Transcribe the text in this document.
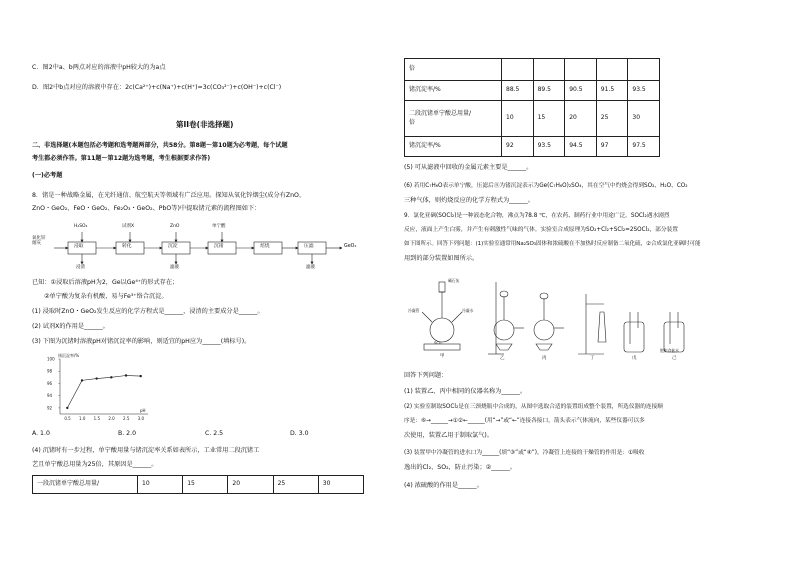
C．图2中a、b两点对应的溶液中pH较大的为a点
D．图2中b点对应的溶液中存在：2c(Ca²⁺)+c(Na⁺)+c(H⁺)=3c(CO₃²⁻)+c(OH⁻)+c(Cl⁻)
第II卷(非选择题)
二、非选择题(本题包括必考题和选考题两部分，共58分。第8题～第10题为必考题，每个试题
考生都必须作答。第11题～第12题为选考题，考生根据要求作答)
(一)必考题
8．锗是一种战略金属，在光纤通信、航空航天等领域有广泛应用。探知从氧化锌烟尘(成分有ZnO、
ZnO・GeO₂、FeO・GeO₂、Fe₂O₃・GeO₂、PbO等)中提取锗元素的流程图如下：
氧化锌
烟灰
浸取	转化	沉淀	沉锗	焙烧	压滤
H₂SO₄	试剂X	ZnO	单宁酸
浸渣	滤液	滤液
GeO₂
已知：①浸取后溶液pH为2，Ge以Ge⁴⁺的形式存在；
②单宁酸为复杂有机酸，易与Fe³⁺络合沉淀。
(1) 浸取时ZnO・GeO₂发生反应的化学方程式是______，浸渣的主要成分是______。
(2) 试剂X的作用是______。
(3) 下图为沉锗时溶液pH对锗沉淀率的影响，则适宜的pH应为______(填标号)。
锗沉淀率/%
pH
92
94
96
98
100
0.5 1.0 1.5 2.0 2.5 3.0
A. 1.0	B. 2.0	C. 2.5	D. 3.0
(4) 沉锗时有一步过程，单宁酸用量与锗沉淀率关系如表所示，工业常用二段沉锗工
艺且单宁酸总用量为25倍，其原因是______。
一段沉锗单宁酸总用量/	10	15	20	25	30
倍					
锗沉淀率/%	88.5	89.5	90.5	91.5	93.5
二段沉锗单宁酸总用量/
倍	10	15	20	25	30
锗沉淀率/%	92	93.5	94.5	97	97.5
(5) 可从滤液中回收的金属元素主要是______。
(6) 若用C₇H₆O表示单宁酸，压滤后Ⓑ为锗沉淀表示为Ge(C₇H₆O)₂SO₄，其在空气中灼烧会得到SO₂、H₂O、CO₂
三种气体，则灼烧反应的化学方程式为______。
9．氯化亚砜(SOCl₂)是一种液态化合物，沸点为78.8 ℃，在农药、制药行业中用途广泛。SOCl₂遇水剧烈
反应，液面上产生白雾，并产生有刺激性气味的气体。实验室合成原理为SO₂+Cl₂+SCl₂=2SOCl₂，部分装置
如下图所示。回答下列问题：(1)实验室通常用Na₂SO₃固体和浓硫酸在不加热时反应制备二氧化硫，②合成氯化亚砜时可能
用到的部分装置如图所示。
甲	乙	丙	丁	戊	己
碱石灰
冷凝水
SCl₂
冷凝管
饱和食盐水
回答下列问题：
(1) 装置乙、丙中相同的仪器名称为______。
(2) 实验室制取SOCl₂是在三颈烧瓶中合成的，从图中选取合适的装置组成整个装置，所选仪器的连接顺
序是：⑥→______→①②←______(用“→”或“←”连接各接口，箭头表示气体流向，某些仪器可以多
次使用，装置乙用于制取氯气)。
(3) 装置甲中冷凝管的进水口为______(填“③”或“④”)，冷凝管上连接的干燥管的作用是：①吸收
逸出的Cl₂、SO₂，防止污染；②______。
(4) 浓硫酸的作用是______。
